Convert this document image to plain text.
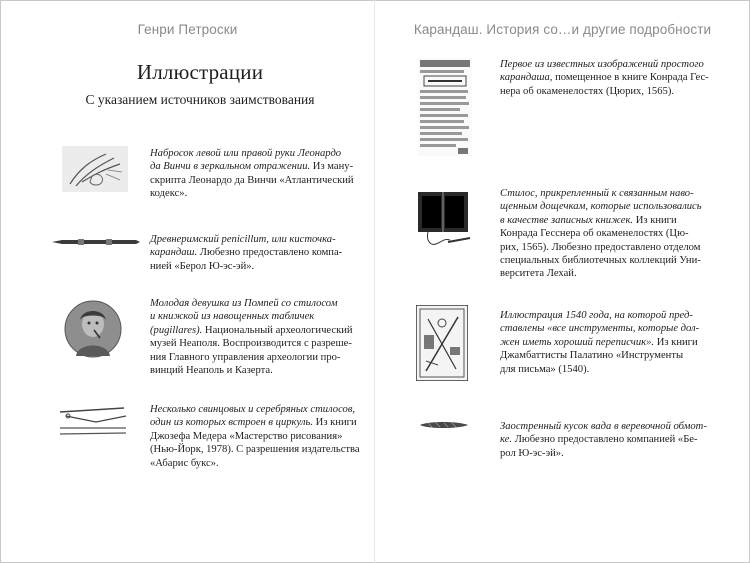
Генри Петроски	Карандаш. История со…и другие подробности
Иллюстрации
С указанием источников заимствования
Набросок левой или правой руки Леонардо
да Винчи в зеркальном отражении. Из ману-
скрипта Леонардо да Винчи «Атлантический
кодекс».
Древнеримский penicillum, или кисточка-
карандаш. Любезно предоставлено компа-
нией «Берол Ю-эс-эй».
Молодая девушка из Помпей со стилосом
и книжкой из навощенных табличек
(pugillares). Национальный археологический
музей Неаполя. Воспроизводится с разреше-
ния Главного управления археологии про-
винций Неаполь и Казерта.
Несколько свинцовых и серебряных стилосов,
один из которых встроен в циркуль. Из книги
Джозефа Медера «Мастерство рисования»
(Нью-Йорк, 1978). С разрешения издательства
«Абарис букс».
Первое из известных изображений простого
карандаша, помещенное в книге Конрада Гес-
нера об окаменелостях (Цюрих, 1565).
Стилос, прикрепленный к связанным наво-
щенным дощечкам, которые использовались
в качестве записных книжек. Из книги
Конрада Гесснера об окаменелостях (Цю-
рих, 1565). Любезно предоставлено отделом
специальных библиотечных коллекций Уни-
верситета Лехай.
Иллюстрация 1540 года, на которой пред-
ставлены «все инструменты, которые дол-
жен иметь хороший переписчик». Из книги
Джамбаттисты Палатино «Инструменты
для письма» (1540).
Заостренный кусок вада в веревочной обмот-
ке. Любезно предоставлено компанией «Бе-
рол Ю-эс-эй».
